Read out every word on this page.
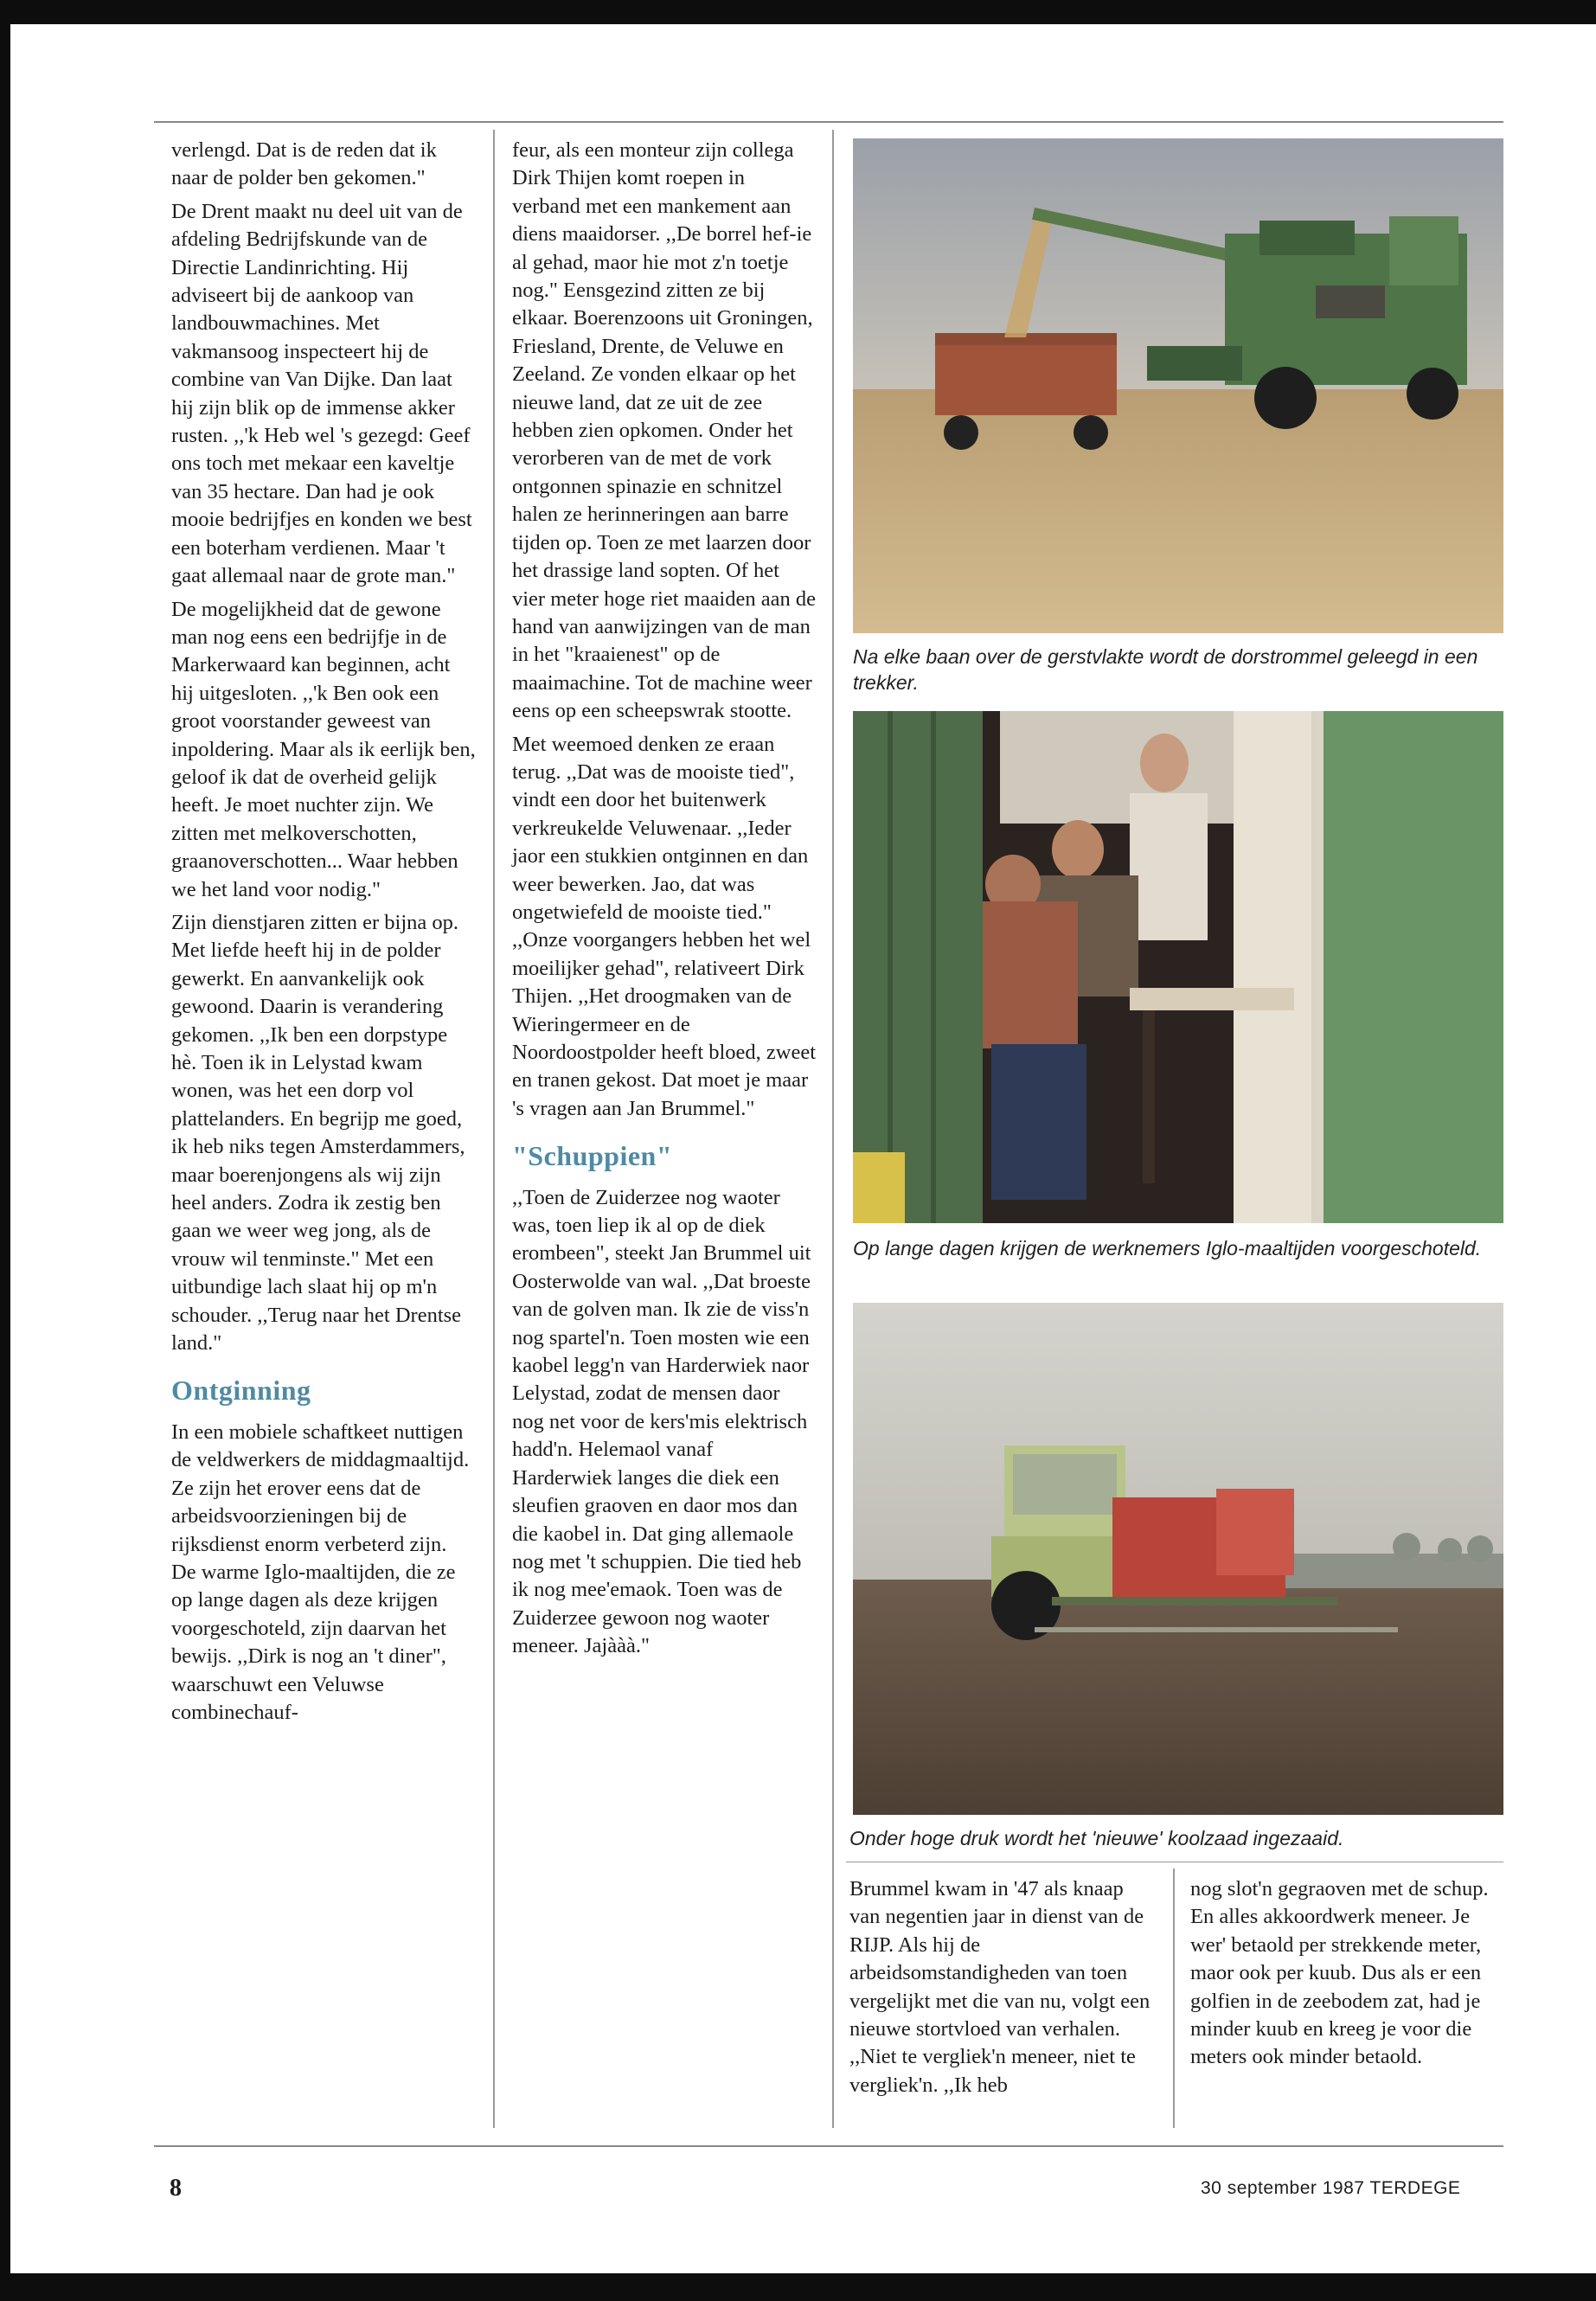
verlengd. Dat is de reden dat ik naar de polder ben gekomen."

De Drent maakt nu deel uit van de afdeling Bedrijfskunde van de Directie Landinrichting. Hij adviseert bij de aankoop van landbouwmachines. Met vakmansoog inspecteert hij de combine van Van Dijke. Dan laat hij zijn blik op de immense akker rusten. ,,'k Heb wel 's gezegd: Geef ons toch met mekaar een kaveltje van 35 hectare. Dan had je ook mooie bedrijfjes en konden we best een boterham verdienen. Maar 't gaat allemaal naar de grote man."

De mogelijkheid dat de gewone man nog eens een bedrijfje in de Markerwaard kan beginnen, acht hij uitgesloten. ,,'k Ben ook een groot voorstander geweest van inpoldering. Maar als ik eerlijk ben, geloof ik dat de overheid gelijk heeft. Je moet nuchter zijn. We zitten met melkoverschotten, graanoverschotten... Waar hebben we het land voor nodig."

Zijn dienstjaren zitten er bijna op. Met liefde heeft hij in de polder gewerkt. En aanvankelijk ook gewoond. Daarin is verandering gekomen. ,,Ik ben een dorpstype hè. Toen ik in Lelystad kwam wonen, was het een dorp vol plattelanders. En begrijp me goed, ik heb niks tegen Amsterdammers, maar boerenjongens als wij zijn heel anders. Zodra ik zestig ben gaan we weer weg jong, als de vrouw wil tenminste." Met een uitbundige lach slaat hij op m'n schouder. ,,Terug naar het Drentse land."

Ontginning

In een mobiele schaftkeet nuttigen de veldwerkers de middagmaaltijd. Ze zijn het erover eens dat de arbeidsvoorzieningen bij de rijksdienst enorm verbeterd zijn. De warme Iglo-maaltijden, die ze op lange dagen als deze krijgen voorgeschoteld, zijn daarvan het bewijs. ,,Dirk is nog an 't diner", waarschuwt een Veluwse combinechauf-

feur, als een monteur zijn collega Dirk Thijen komt roepen in verband met een mankement aan diens maaidorser. ,,De borrel hef-ie al gehad, maor hie mot z'n toetje nog." Eensgezind zitten ze bij elkaar. Boerenzoons uit Groningen, Friesland, Drente, de Veluwe en Zeeland. Ze vonden elkaar op het nieuwe land, dat ze uit de zee hebben zien opkomen. Onder het verorberen van de met de vork ontgonnen spinazie en schnitzel halen ze herinneringen aan barre tijden op. Toen ze met laarzen door het drassige land sopten. Of het vier meter hoge riet maaiden aan de hand van aanwijzingen van de man in het "kraaienest" op de maaimachine. Tot de machine weer eens op een scheepswrak stootte.

Met weemoed denken ze eraan terug. ,,Dat was de mooiste tied", vindt een door het buitenwerk verkreukelde Veluwenaar. ,,Ieder jaor een stukkien ontginnen en dan weer bewerken. Jao, dat was ongetwiefeld de mooiste tied." ,,Onze voorgangers hebben het wel moeilijker gehad", relativeert Dirk Thijen. ,,Het droogmaken van de Wieringermeer en de Noordoostpolder heeft bloed, zweet en tranen gekost. Dat moet je maar 's vragen aan Jan Brummel."

"Schuppien"

,,Toen de Zuiderzee nog waoter was, toen liep ik al op de diek erombeen", steekt Jan Brummel uit Oosterwolde van wal. ,,Dat broeste van de golven man. Ik zie de viss'n nog spartel'n. Toen mosten wie een kaobel legg'n van Harderwiek naor Lelystad, zodat de mensen daor nog net voor de kers'mis elektrisch hadd'n. Helemaol vanaf Harderwiek langes die diek een sleufien graoven en daor mos dan die kaobel in. Dat ging allemaole nog met 't schuppien. Die tied heb ik nog mee'emaok. Toen was de Zuiderzee gewoon nog waoter meneer. Jajààà."

Na elke baan over de gerstvlakte wordt de dorstrommel geleegd in een trekker.
Op lange dagen krijgen de werknemers Iglo-maaltijden voorgeschoteld.
Onder hoge druk wordt het 'nieuwe' koolzaad ingezaaid.

Brummel kwam in '47 als knaap van negentien jaar in dienst van de RIJP. Als hij de arbeidsomstandigheden van toen vergelijkt met die van nu, volgt een nieuwe stortvloed van verhalen. ,,Niet te vergliek'n meneer, niet te vergliek'n. ,,Ik heb

nog slot'n gegraoven met de schup. En alles akkoordwerk meneer. Je wer' betaold per strekkende meter, maor ook per kuub. Dus als er een golfien in de zeebodem zat, had je minder kuub en kreeg je voor die meters ook minder betaold.

8	30 september 1987 TERDEGE
